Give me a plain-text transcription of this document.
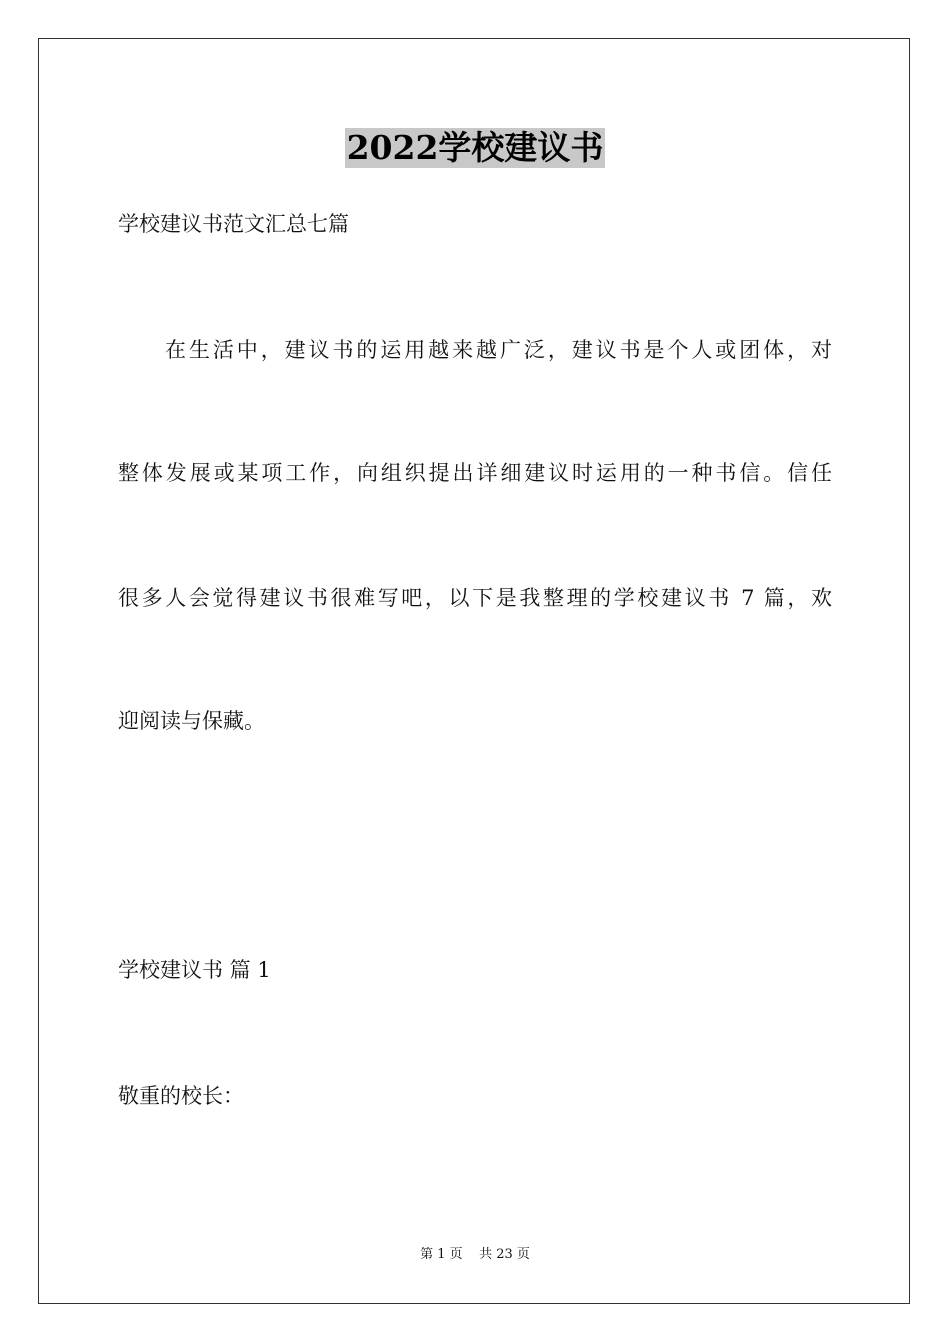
2022学校建议书
学校建议书范文汇总七篇
在生活中，建议书的运用越来越广泛，建议书是个人或团体，对
整体发展或某项工作，向组织提出详细建议时运用的一种书信。信任
很多人会觉得建议书很难写吧，以下是我整理的学校建议书 7 篇，欢
迎阅读与保藏。
学校建议书 篇 1
敬重的校长：
第 1 页    共 23 页
